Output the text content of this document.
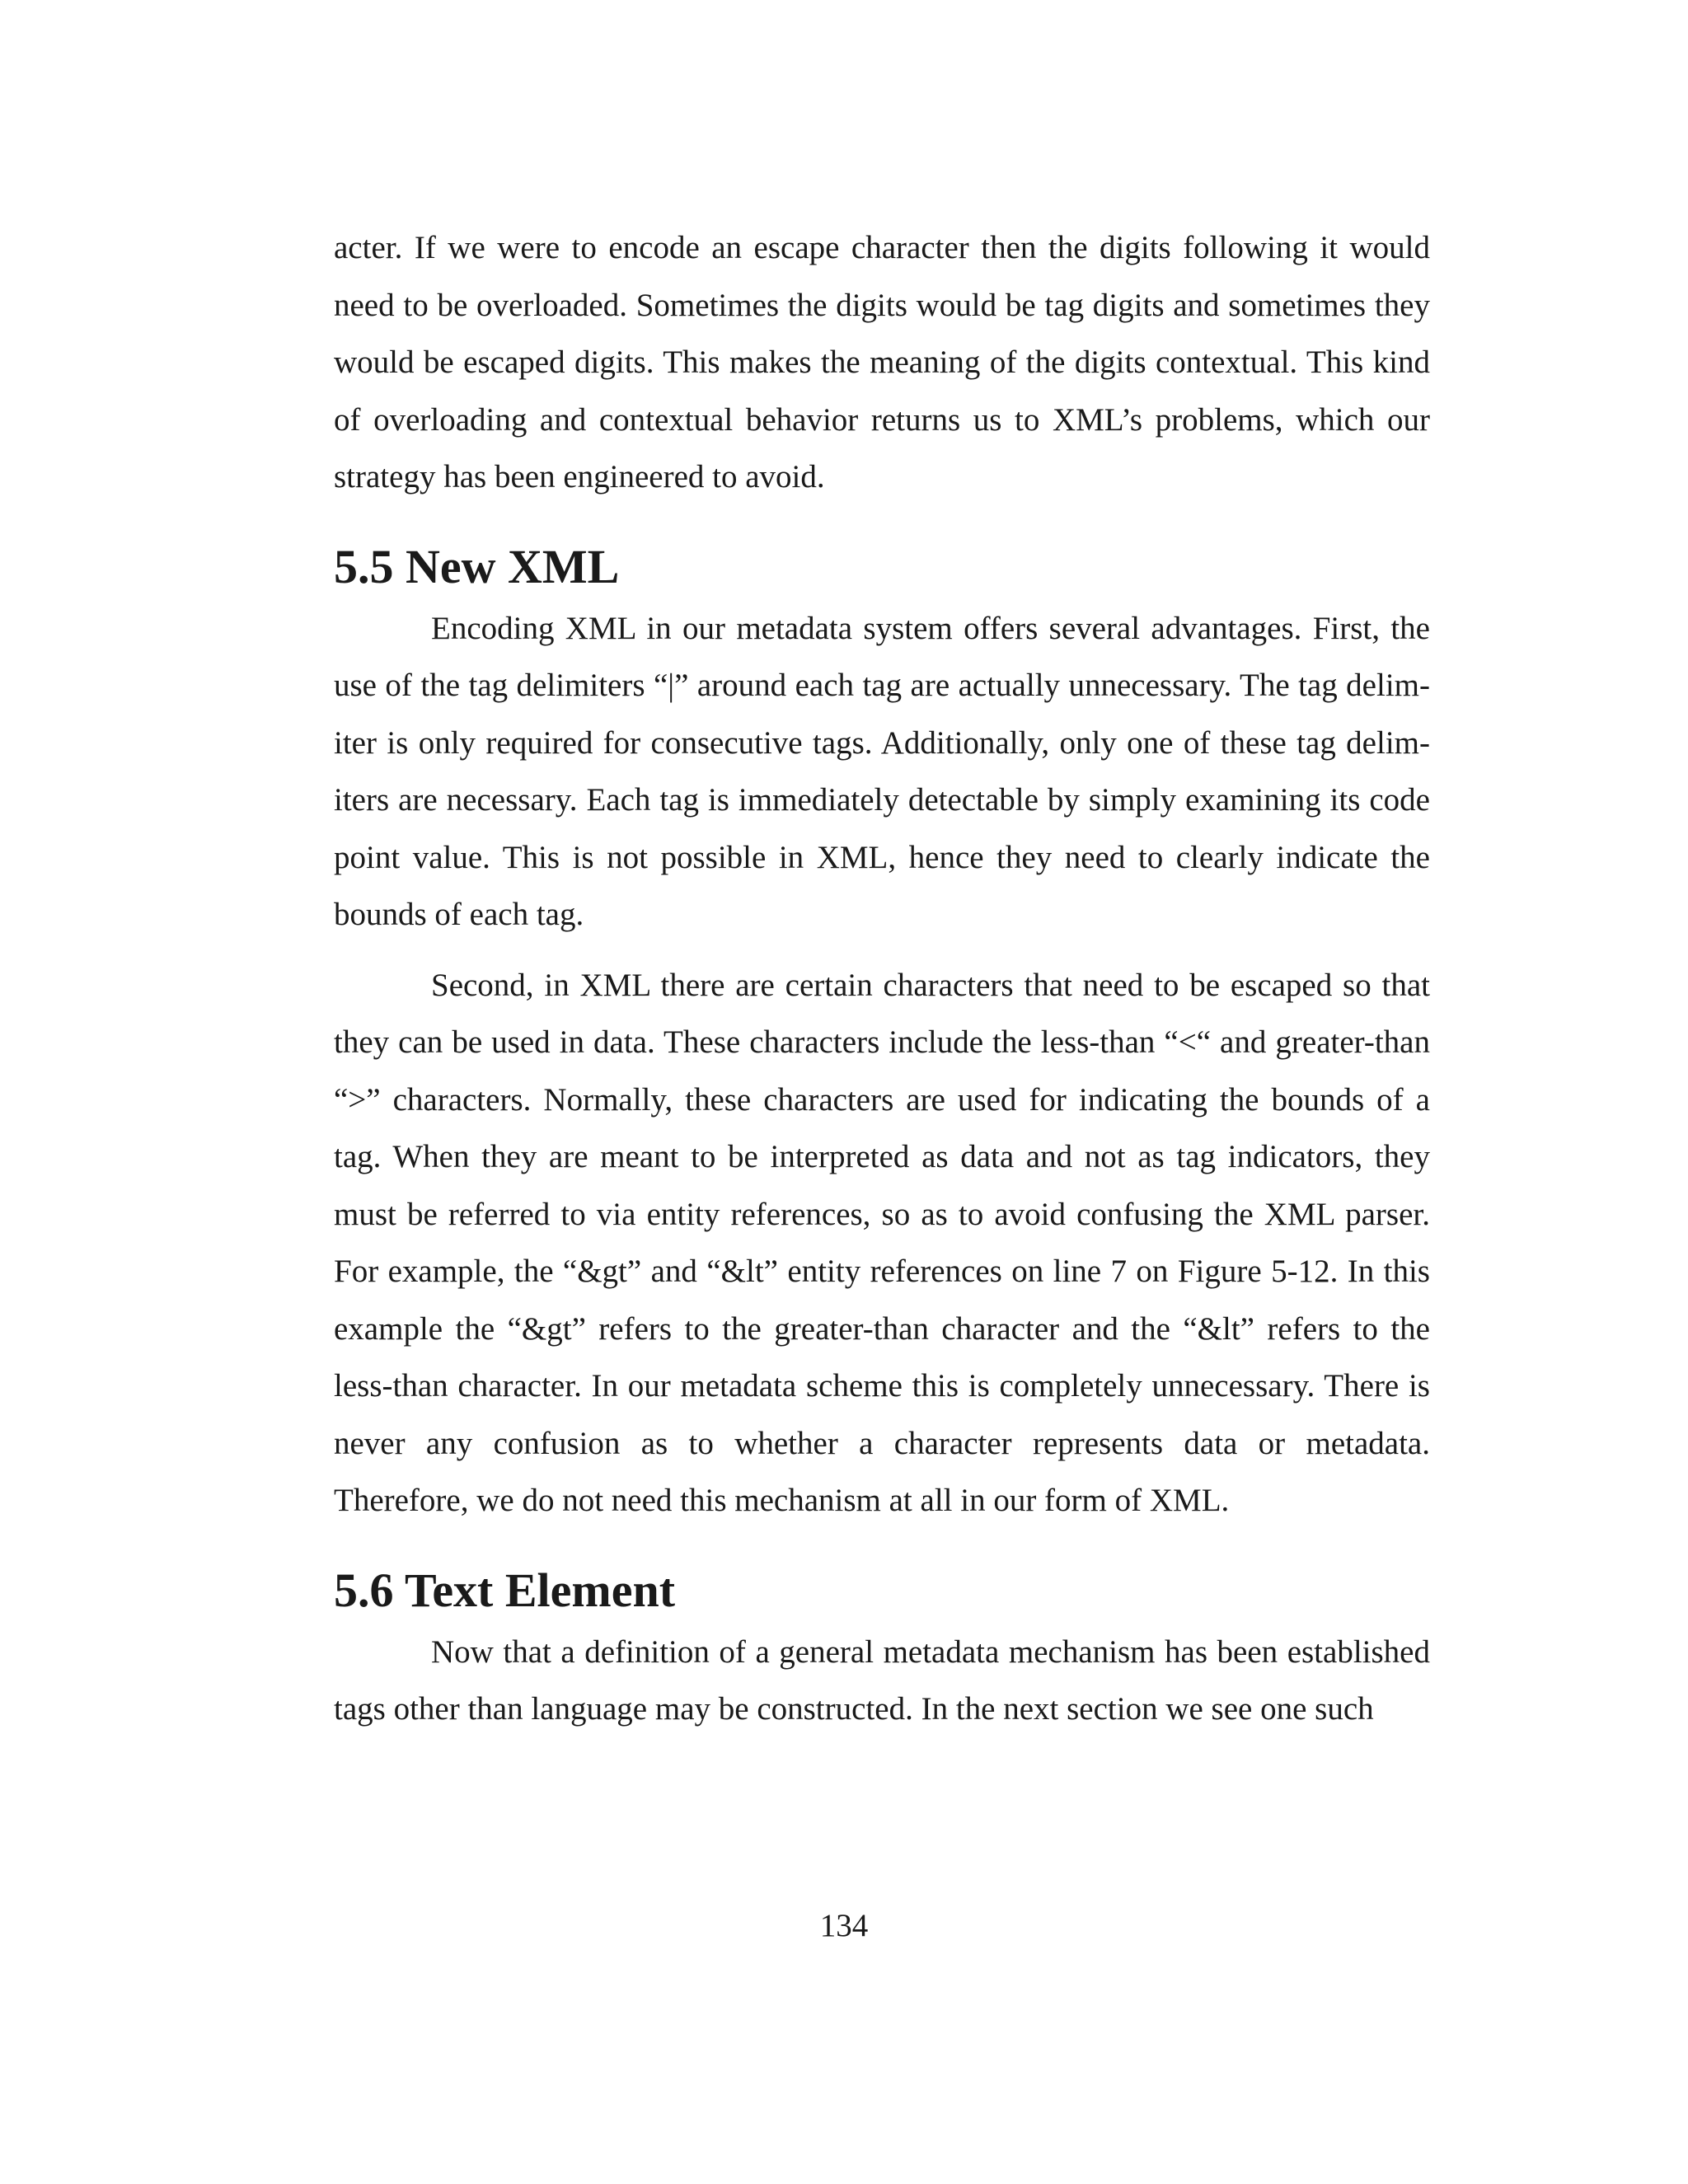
acter. If we were to encode an escape character then the digits following it would need to be overloaded. Sometimes the digits would be tag digits and sometimes they would be escaped digits. This makes the meaning of the digits contextual. This kind of overloading and contextual behavior returns us to XML’s problems, which our strategy has been engineered to avoid.

5.5 New XML

Encoding XML in our metadata system offers several advantages. First, the use of the tag delimiters “|” around each tag are actually unnecessary. The tag delimiter is only required for consecutive tags. Additionally, only one of these tag delimiters are necessary. Each tag is immediately detectable by simply examining its code point value. This is not possible in XML, hence they need to clearly indicate the bounds of each tag.

Second, in XML there are certain characters that need to be escaped so that they can be used in data. These characters include the less-than “<“ and greater-than “>” characters. Normally, these characters are used for indicating the bounds of a tag. When they are meant to be interpreted as data and not as tag indicators, they must be referred to via entity references, so as to avoid confusing the XML parser. For example, the “&gt” and “&lt” entity references on line 7 on Figure 5-12. In this example the “&gt” refers to the greater-than character and the “&lt” refers to the less-than character. In our metadata scheme this is completely unnecessary. There is never any confusion as to whether a character represents data or metadata. Therefore, we do not need this mechanism at all in our form of XML.

5.6 Text Element

Now that a definition of a general metadata mechanism has been established tags other than language may be constructed. In the next section we see one such

134
